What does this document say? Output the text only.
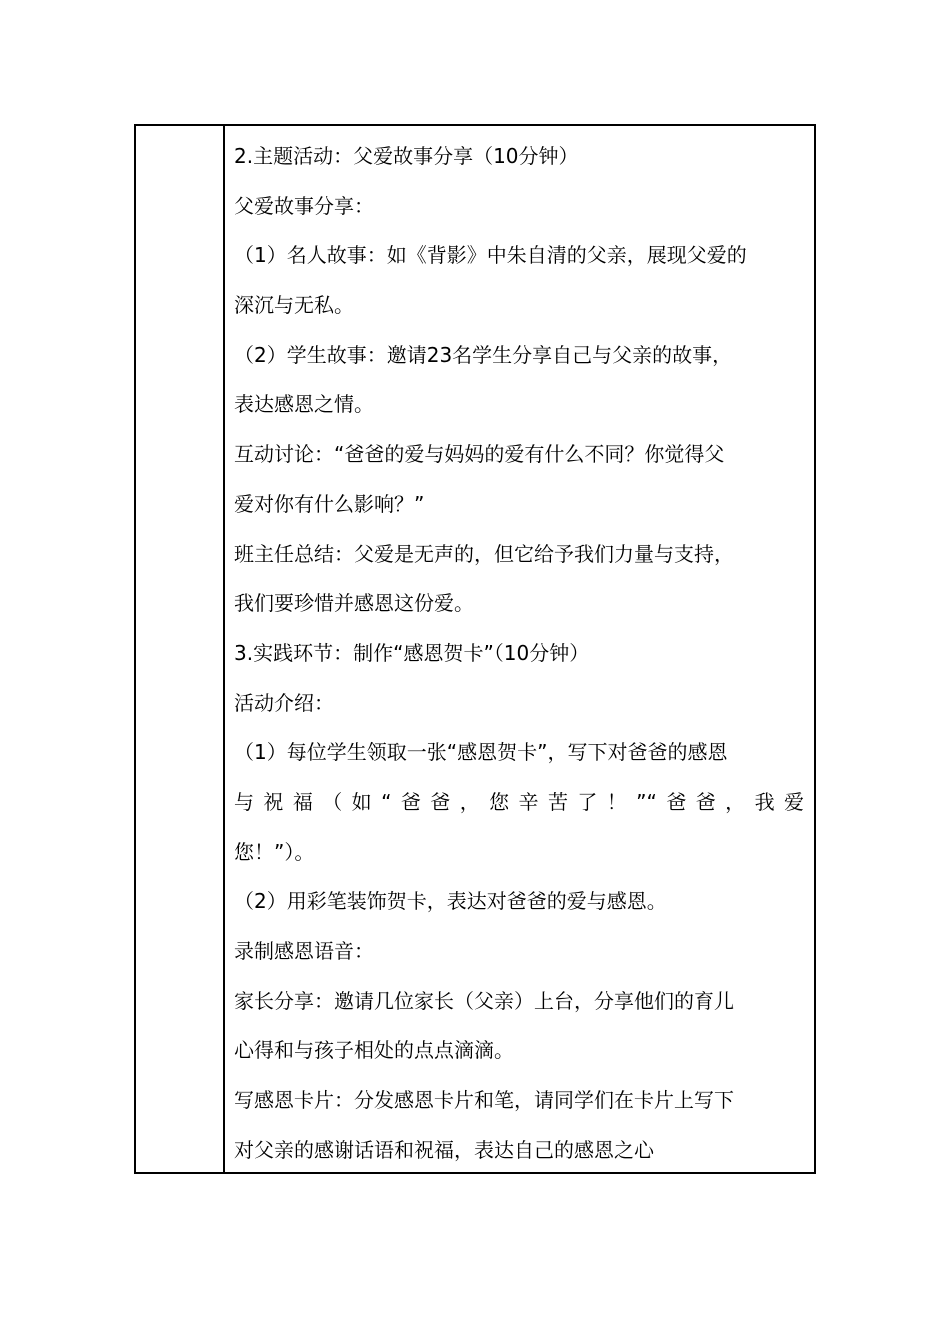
2.主题活动：父爱故事分享（10分钟）
父爱故事分享：
（1）名人故事：如《背影》中朱自清的父亲，展现父爱的
深沉与无私。
（2）学生故事：邀请23名学生分享自己与父亲的故事，
表达感恩之情。
互动讨论：“爸爸的爱与妈妈的爱有什么不同？你觉得父
爱对你有什么影响？”
班主任总结：父爱是无声的，但它给予我们力量与支持，
我们要珍惜并感恩这份爱。
3.实践环节：制作“感恩贺卡”（10分钟）
活动介绍：
（1）每位学生领取一张“感恩贺卡”，写下对爸爸的感恩
与祝福（如“爸爸，您辛苦了！”“爸爸，我爱
您！”）。
（2）用彩笔装饰贺卡，表达对爸爸的爱与感恩。
录制感恩语音：
家长分享：邀请几位家长（父亲）上台，分享他们的育儿
心得和与孩子相处的点点滴滴。
写感恩卡片：分发感恩卡片和笔，请同学们在卡片上写下
对父亲的感谢话语和祝福，表达自己的感恩之心
